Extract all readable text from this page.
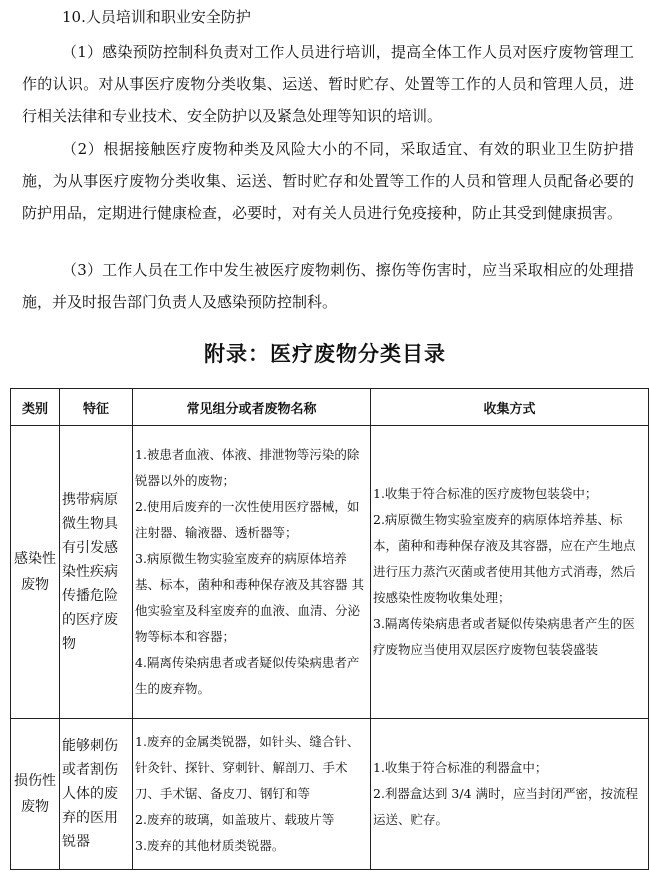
10.人员培训和职业安全防护

（1）感染预防控制科负责对工作人员进行培训，提高全体工作人员对医疗废物管理工作的认识。对从事医疗废物分类收集、运送、暂时贮存、处置等工作的人员和管理人员，进行相关法律和专业技术、安全防护以及紧急处理等知识的培训。

（2）根据接触医疗废物种类及风险大小的不同，采取适宜、有效的职业卫生防护措施，为从事医疗废物分类收集、运送、暂时贮存和处置等工作的人员和管理人员配备必要的防护用品，定期进行健康检查，必要时，对有关人员进行免疫接种，防止其受到健康损害。

（3）工作人员在工作中发生被医疗废物刺伤、擦伤等伤害时，应当采取相应的处理措施，并及时报告部门负责人及感染预防控制科。

附录：医疗废物分类目录
类别	特征	常见组分或者废物名称	收集方式
感染性废物	携带病原微生物具有引发感染性疾病传播危险的医疗废物	1.被患者血液、体液、排泄物等污染的除锐器以外的废物；
2.使用后废弃的一次性使用医疗器械，如注射器、输液器、透析器等；
3.病原微生物实验室废弃的病原体培养基、标本，菌种和毒种保存液及其容器 其他实验室及科室废弃的血液、血清、分泌物等标本和容器；
4.隔离传染病患者或者疑似传染病患者产生的废弃物。	1.收集于符合标准的医疗废物包装袋中；
2.病原微生物实验室废弃的病原体培养基、标本，菌种和毒种保存液及其容器，应在产生地点进行压力蒸汽灭菌或者使用其他方式消毒，然后按感染性废物收集处理；
3.隔离传染病患者或者疑似传染病患者产生的医疗废物应当使用双层医疗废物包装袋盛装

损伤性废物	能够刺伤或者割伤人体的废弃的医用锐器	1.废弃的金属类锐器，如针头、缝合针、针灸针、探针、穿刺针、解剖刀、手术刀、手术锯、备皮刀、钢钉和等
2.废弃的玻璃，如盖玻片、载玻片等
3.废弃的其他材质类锐器。	1.收集于符合标准的利器盒中；
2.利器盒达到 3/4 满时，应当封闭严密，按流程运送、贮存。
